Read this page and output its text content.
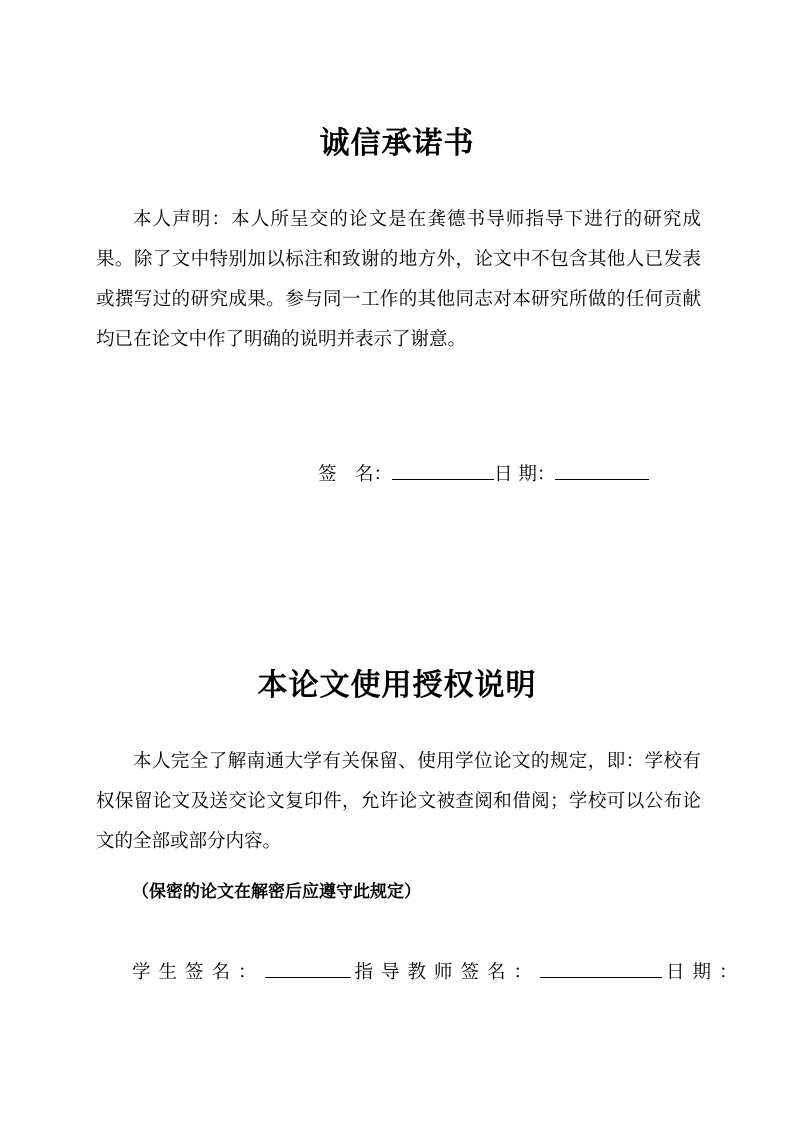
诚信承诺书

本人声明：本人所呈交的论文是在龚德书导师指导下进行的研究成果。除了文中特别加以标注和致谢的地方外，论文中不包含其他人已发表或撰写过的研究成果。参与同一工作的其他同志对本研究所做的任何贡献均已在论文中作了明确的说明并表示了谢意。

签　名：	日 期：
本论文使用授权说明

本人完全了解南通大学有关保留、使用学位论文的规定，即：学校有权保留论文及送交论文复印件，允许论文被查阅和借阅；学校可以公布论文的全部或部分内容。

（保密的论文在解密后应遵守此规定）
学生签名：	指导教师签名：	日期：
